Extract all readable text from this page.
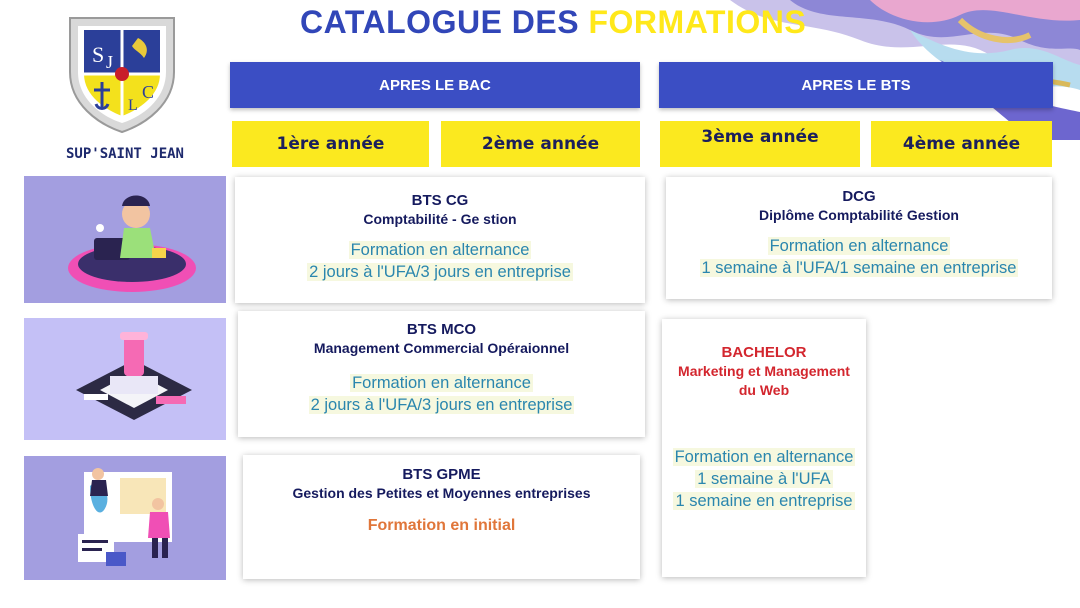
CATALOGUE DES FORMATIONS
S J
L
C
SUP'SAINT JEAN
APRES LE BAC	APRES LE BTS
1ère année	2ème année	3ème année	4ème année
BTS CG
Comptabilité - Ge stion
Formation en alternance
2 jours à l'UFA/3 jours en entreprise
DCG
Diplôme Comptabilité Gestion
Formation en alternance
1 semaine à l'UFA/1 semaine en entreprise
BTS MCO
Management Commercial Opéraionnel
Formation en alternance
2 jours à l'UFA/3 jours en entreprise
BACHELOR
Marketing et Management
du Web
Formation en alternance
1 semaine à l'UFA
1 semaine en entreprise
BTS GPME
Gestion des Petites et Moyennes entreprises
Formation en initial
